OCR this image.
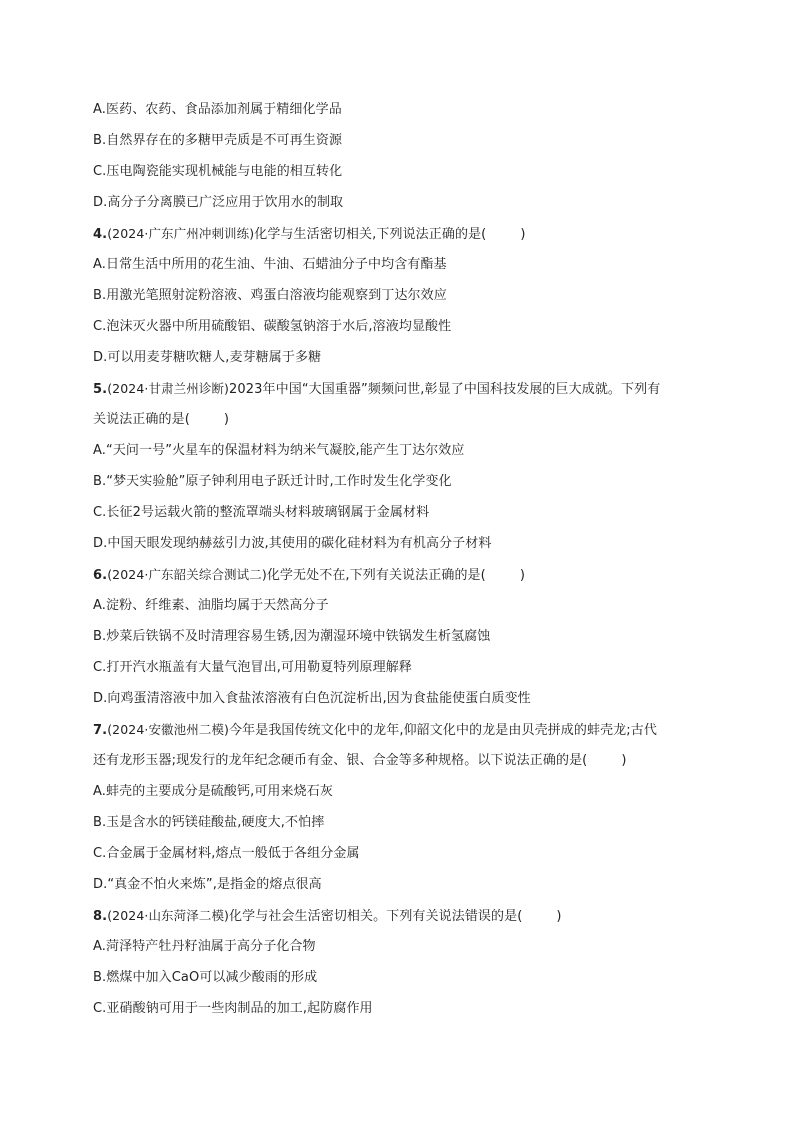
A.医药、农药、食品添加剂属于精细化学品
B.自然界存在的多糖甲壳质是不可再生资源
C.压电陶瓷能实现机械能与电能的相互转化
D.高分子分离膜已广泛应用于饮用水的制取
4.(2024·广东广州冲刺训练)化学与生活密切相关,下列说法正确的是(	)
A.日常生活中所用的花生油、牛油、石蜡油分子中均含有酯基
B.用激光笔照射淀粉溶液、鸡蛋白溶液均能观察到丁达尔效应
C.泡沫灭火器中所用硫酸铝、碳酸氢钠溶于水后,溶液均显酸性
D.可以用麦芽糖吹糖人,麦芽糖属于多糖
5.(2024·甘肃兰州诊断)2023年中国“大国重器”频频问世,彰显了中国科技发展的巨大成就。下列有
关说法正确的是(	)
A.“天问一号”火星车的保温材料为纳米气凝胶,能产生丁达尔效应
B.“梦天实验舱”原子钟利用电子跃迁计时,工作时发生化学变化
C.长征2号运载火箭的整流罩端头材料玻璃钢属于金属材料
D.中国天眼发现纳赫兹引力波,其使用的碳化硅材料为有机高分子材料
6.(2024·广东韶关综合测试二)化学无处不在,下列有关说法正确的是(	)
A.淀粉、纤维素、油脂均属于天然高分子
B.炒菜后铁锅不及时清理容易生锈,因为潮湿环境中铁锅发生析氢腐蚀
C.打开汽水瓶盖有大量气泡冒出,可用勒夏特列原理解释
D.向鸡蛋清溶液中加入食盐浓溶液有白色沉淀析出,因为食盐能使蛋白质变性
7.(2024·安徽池州二模)今年是我国传统文化中的龙年,仰韶文化中的龙是由贝壳拼成的蚌壳龙;古代
还有龙形玉器;现发行的龙年纪念硬币有金、银、合金等多种规格。以下说法正确的是(	)
A.蚌壳的主要成分是硫酸钙,可用来烧石灰
B.玉是含水的钙镁硅酸盐,硬度大,不怕摔
C.合金属于金属材料,熔点一般低于各组分金属
D.“真金不怕火来炼”,是指金的熔点很高
8.(2024·山东菏泽二模)化学与社会生活密切相关。下列有关说法错误的是(	)
A.菏泽特产牡丹籽油属于高分子化合物
B.燃煤中加入CaO可以减少酸雨的形成
C.亚硝酸钠可用于一些肉制品的加工,起防腐作用
